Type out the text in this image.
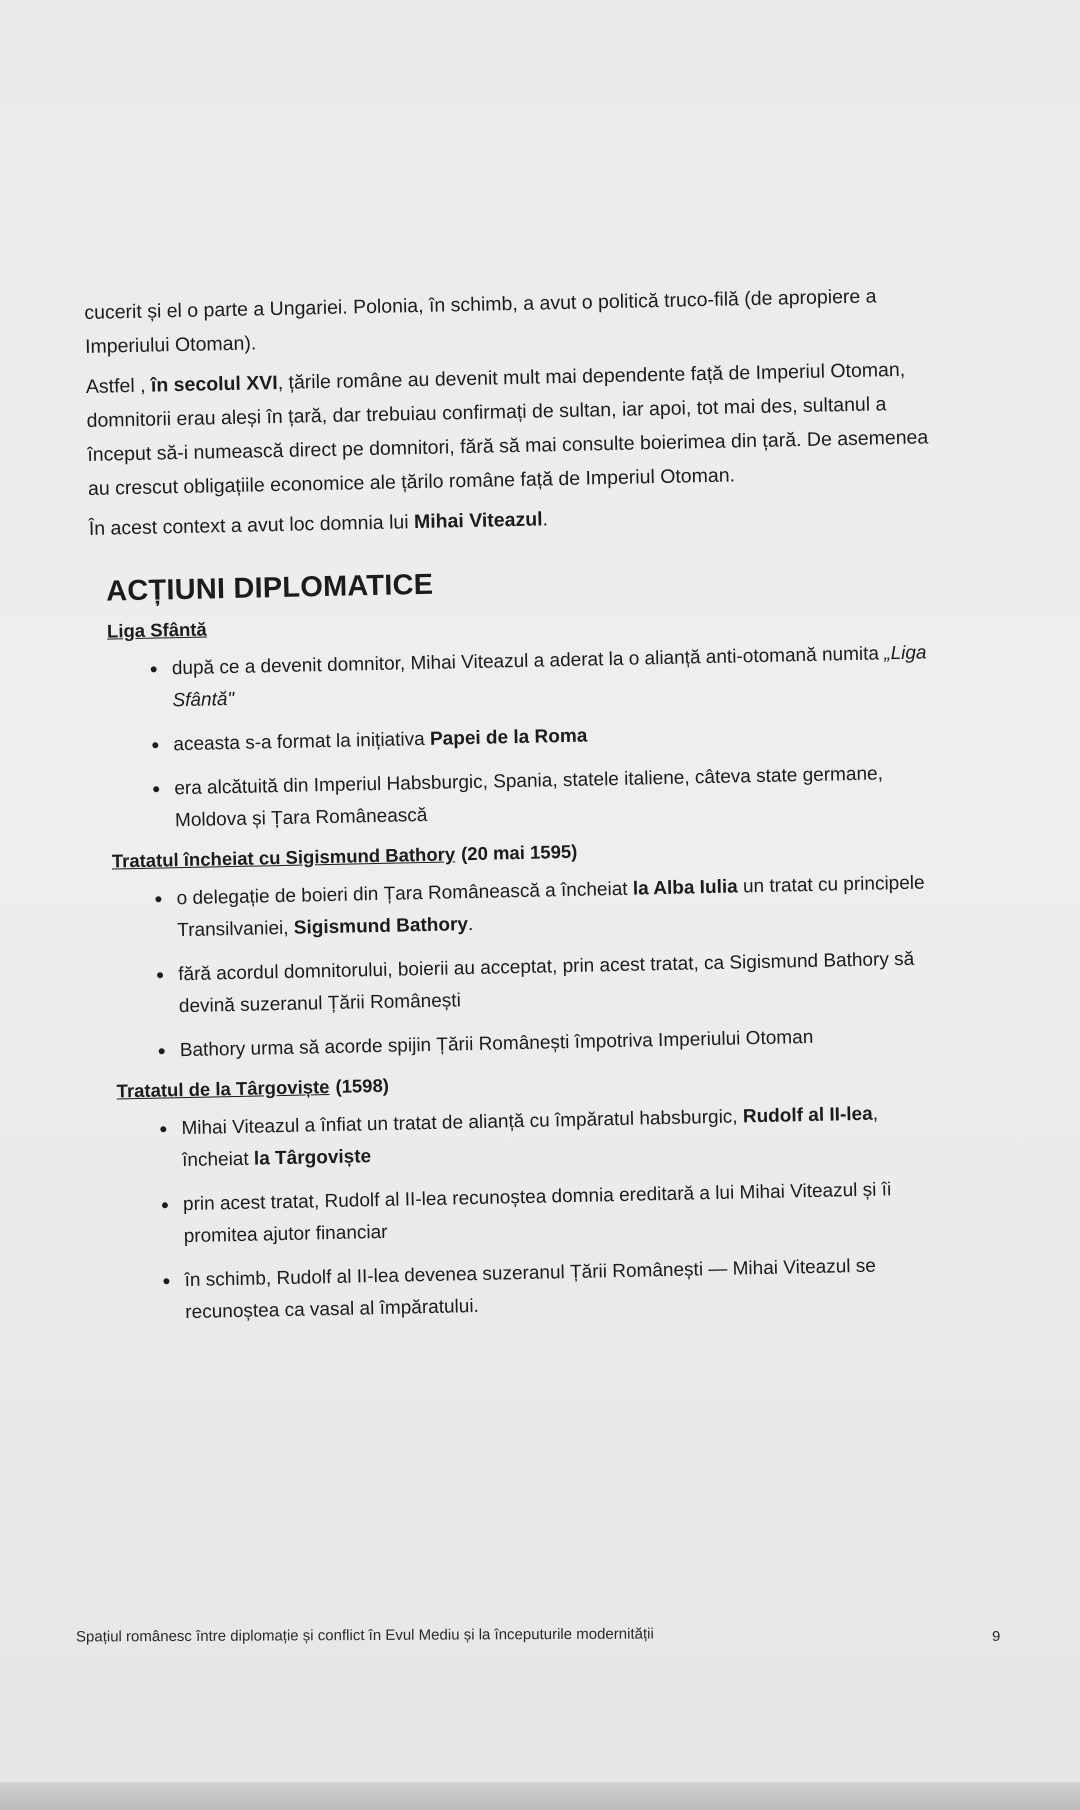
cucerit și el o parte a Ungariei. Polonia, în schimb, a avut o politică truco-filă (de apropiere a Imperiului Otoman).

Astfel , în secolul XVI, țările române au devenit mult mai dependente față de Imperiul Otoman, domnitorii erau aleși în țară, dar trebuiau confirmați de sultan, iar apoi, tot mai des, sultanul a început să-i numească direct pe domnitori, fără să mai consulte boierimea din țară. De asemenea au crescut obligațiile economice ale țărilo române față de Imperiul Otoman.

În acest context a avut loc domnia lui Mihai Viteazul.

ACȚIUNI DIPLOMATICE
Liga Sfântă
• după ce a devenit domnitor, Mihai Viteazul a aderat la o alianță anti-otomană numita „Liga Sfântă"
• aceasta s-a format la inițiativa Papei de la Roma
• era alcătuită din Imperiul Habsburgic, Spania, statele italiene, câteva state germane, Moldova și Țara Românească
Tratatul încheiat cu Sigismund Bathory (20 mai 1595)
• o delegație de boieri din Țara Românească a încheiat la Alba Iulia un tratat cu principele Transilvaniei, Sigismund Bathory.
• fără acordul domnitorului, boierii au acceptat, prin acest tratat, ca Sigismund Bathory să devină suzeranul Țării Românești
• Bathory urma să acorde spijin Țării Românești împotriva Imperiului Otoman
Tratatul de la Târgoviște (1598)
• Mihai Viteazul a înfiat un tratat de alianță cu împăratul habsburgic, Rudolf al II-lea, încheiat la Târgoviște
• prin acest tratat, Rudolf al II-lea recunoștea domnia ereditară a lui Mihai Viteazul și îi promitea ajutor financiar
• în schimb, Rudolf al II-lea devenea suzeranul Țării Românești — Mihai Viteazul se recunoștea ca vasal al împăratului.
Spațiul românesc între diplomație și conflict în Evul Mediu și la începuturile modernității	9
